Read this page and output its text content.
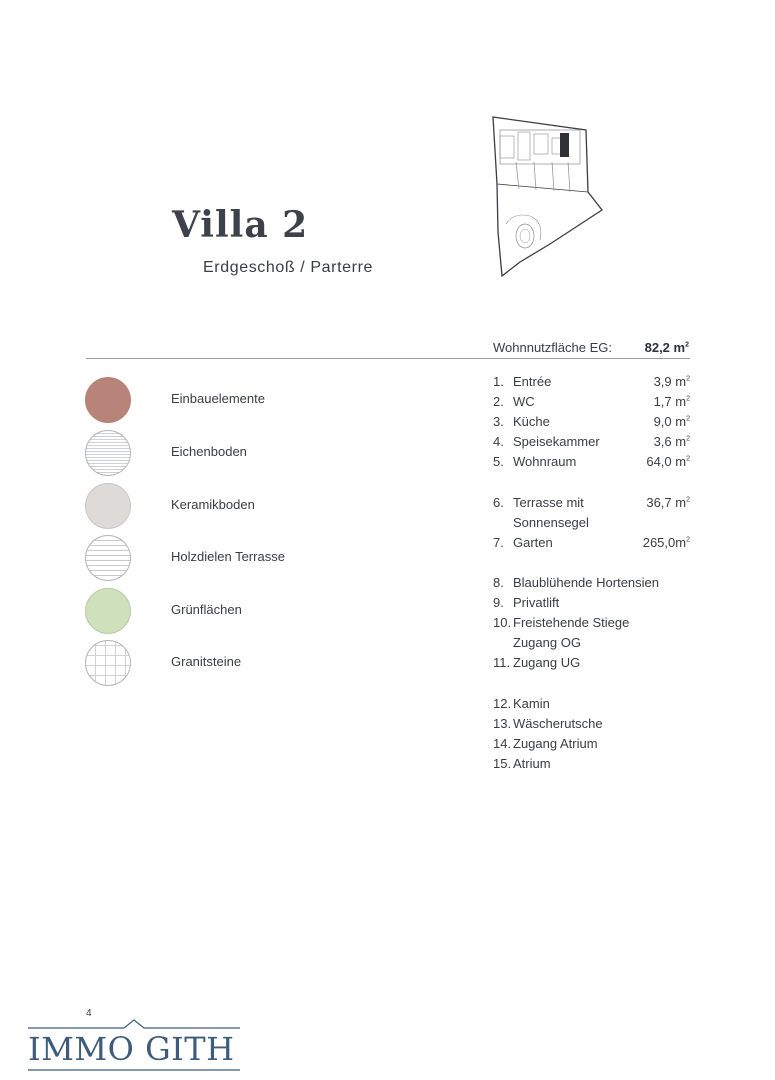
Villa 2
Erdgeschoß / Parterre
Wohnnutzfläche EG:	82,2 $m^2$
Einbauelemente
Eichenboden
Keramikboden
Holzdielen Terrasse
Grünflächen
Granitsteine
1. Entrée	3,9 $m^2$
2. WC	1,7 $m^2$
3. Küche	9,0 $m^2$
4. Speisekammer	3,6 $m^2$
5. Wohnraum	64,0 $m^2$
6. Terrasse mit	36,7 $m^2$
Sonnensegel
7. Garten	$265,0m^2$
8. Blaublühende Hortensien
9. Privatlift
10. Freistehende Stiege
Zugang OG
11. Zugang UG
12. Kamin
13. Wäscherutsche
14. Zugang Atrium
15. Atrium
4
IMMO GITH
